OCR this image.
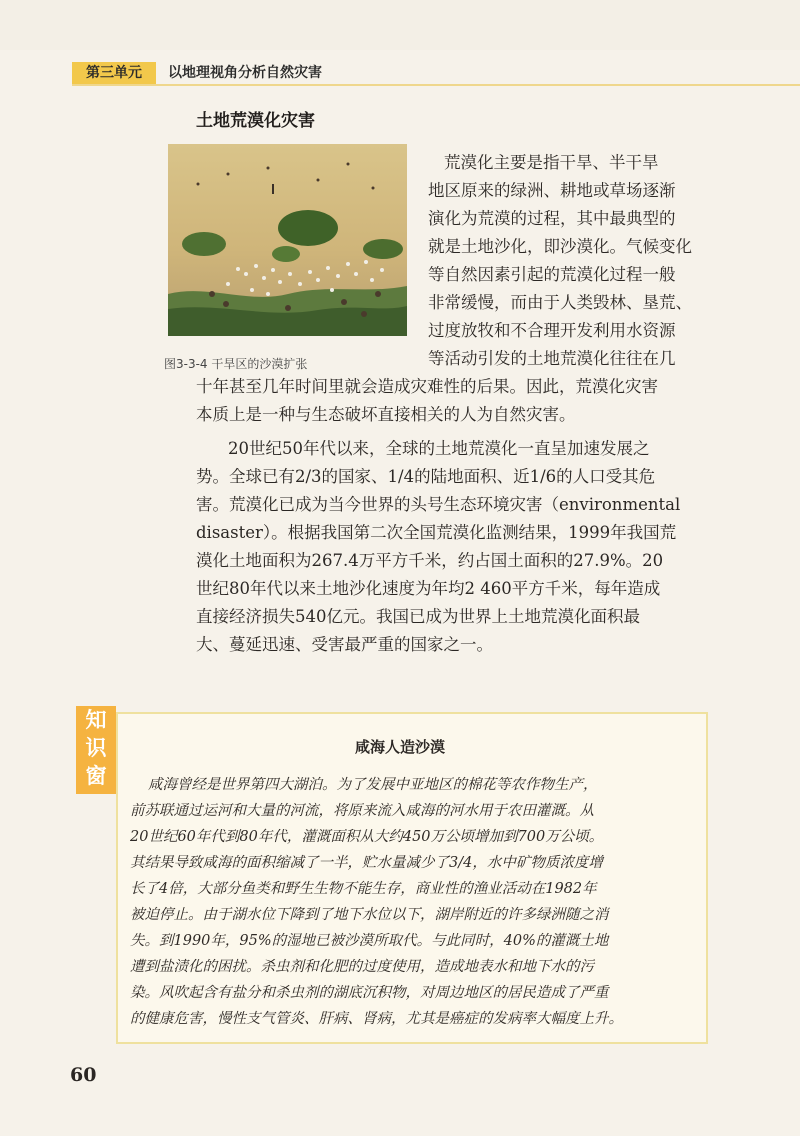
第三单元	以地理视角分析自然灾害
土地荒漠化灾害
图3-3-4 干旱区的沙漠扩张
荒漠化主要是指干旱、半干旱
地区原来的绿洲、耕地或草场逐渐
演化为荒漠的过程，其中最典型的
就是土地沙化，即沙漠化。气候变化
等自然因素引起的荒漠化过程一般
非常缓慢，而由于人类毁林、垦荒、
过度放牧和不合理开发利用水资源
等活动引发的土地荒漠化往往在几
十年甚至几年时间里就会造成灾难性的后果。因此，荒漠化灾害
本质上是一种与生态破坏直接相关的人为自然灾害。
20世纪50年代以来，全球的土地荒漠化一直呈加速发展之
势。全球已有2/3的国家、1/4的陆地面积、近1/6的人口受其危
害。荒漠化已成为当今世界的头号生态环境灾害（environmental
disaster）。根据我国第二次全国荒漠化监测结果，1999年我国荒
漠化土地面积为267.4万平方千米，约占国土面积的27.9%。20
世纪80年代以来土地沙化速度为年均2 460平方千米，每年造成
直接经济损失540亿元。我国已成为世界上土地荒漠化面积最
大、蔓延迅速、受害最严重的国家之一。
知
识
窗
咸海人造沙漠
咸海曾经是世界第四大湖泊。为了发展中亚地区的棉花等农作物生产，
前苏联通过运河和大量的河流，将原来流入咸海的河水用于农田灌溉。从
20世纪60年代到80年代，灌溉面积从大约450万公顷增加到700万公顷。
其结果导致咸海的面积缩减了一半，贮水量减少了3/4，水中矿物质浓度增
长了4倍，大部分鱼类和野生生物不能生存，商业性的渔业活动在1982年
被迫停止。由于湖水位下降到了地下水位以下，湖岸附近的许多绿洲随之消
失。到1990年，95%的湿地已被沙漠所取代。与此同时，40%的灌溉土地
遭到盐渍化的困扰。杀虫剂和化肥的过度使用，造成地表水和地下水的污
染。风吹起含有盐分和杀虫剂的湖底沉积物，对周边地区的居民造成了严重
的健康危害，慢性支气管炎、肝病、肾病，尤其是癌症的发病率大幅度上升。
60
